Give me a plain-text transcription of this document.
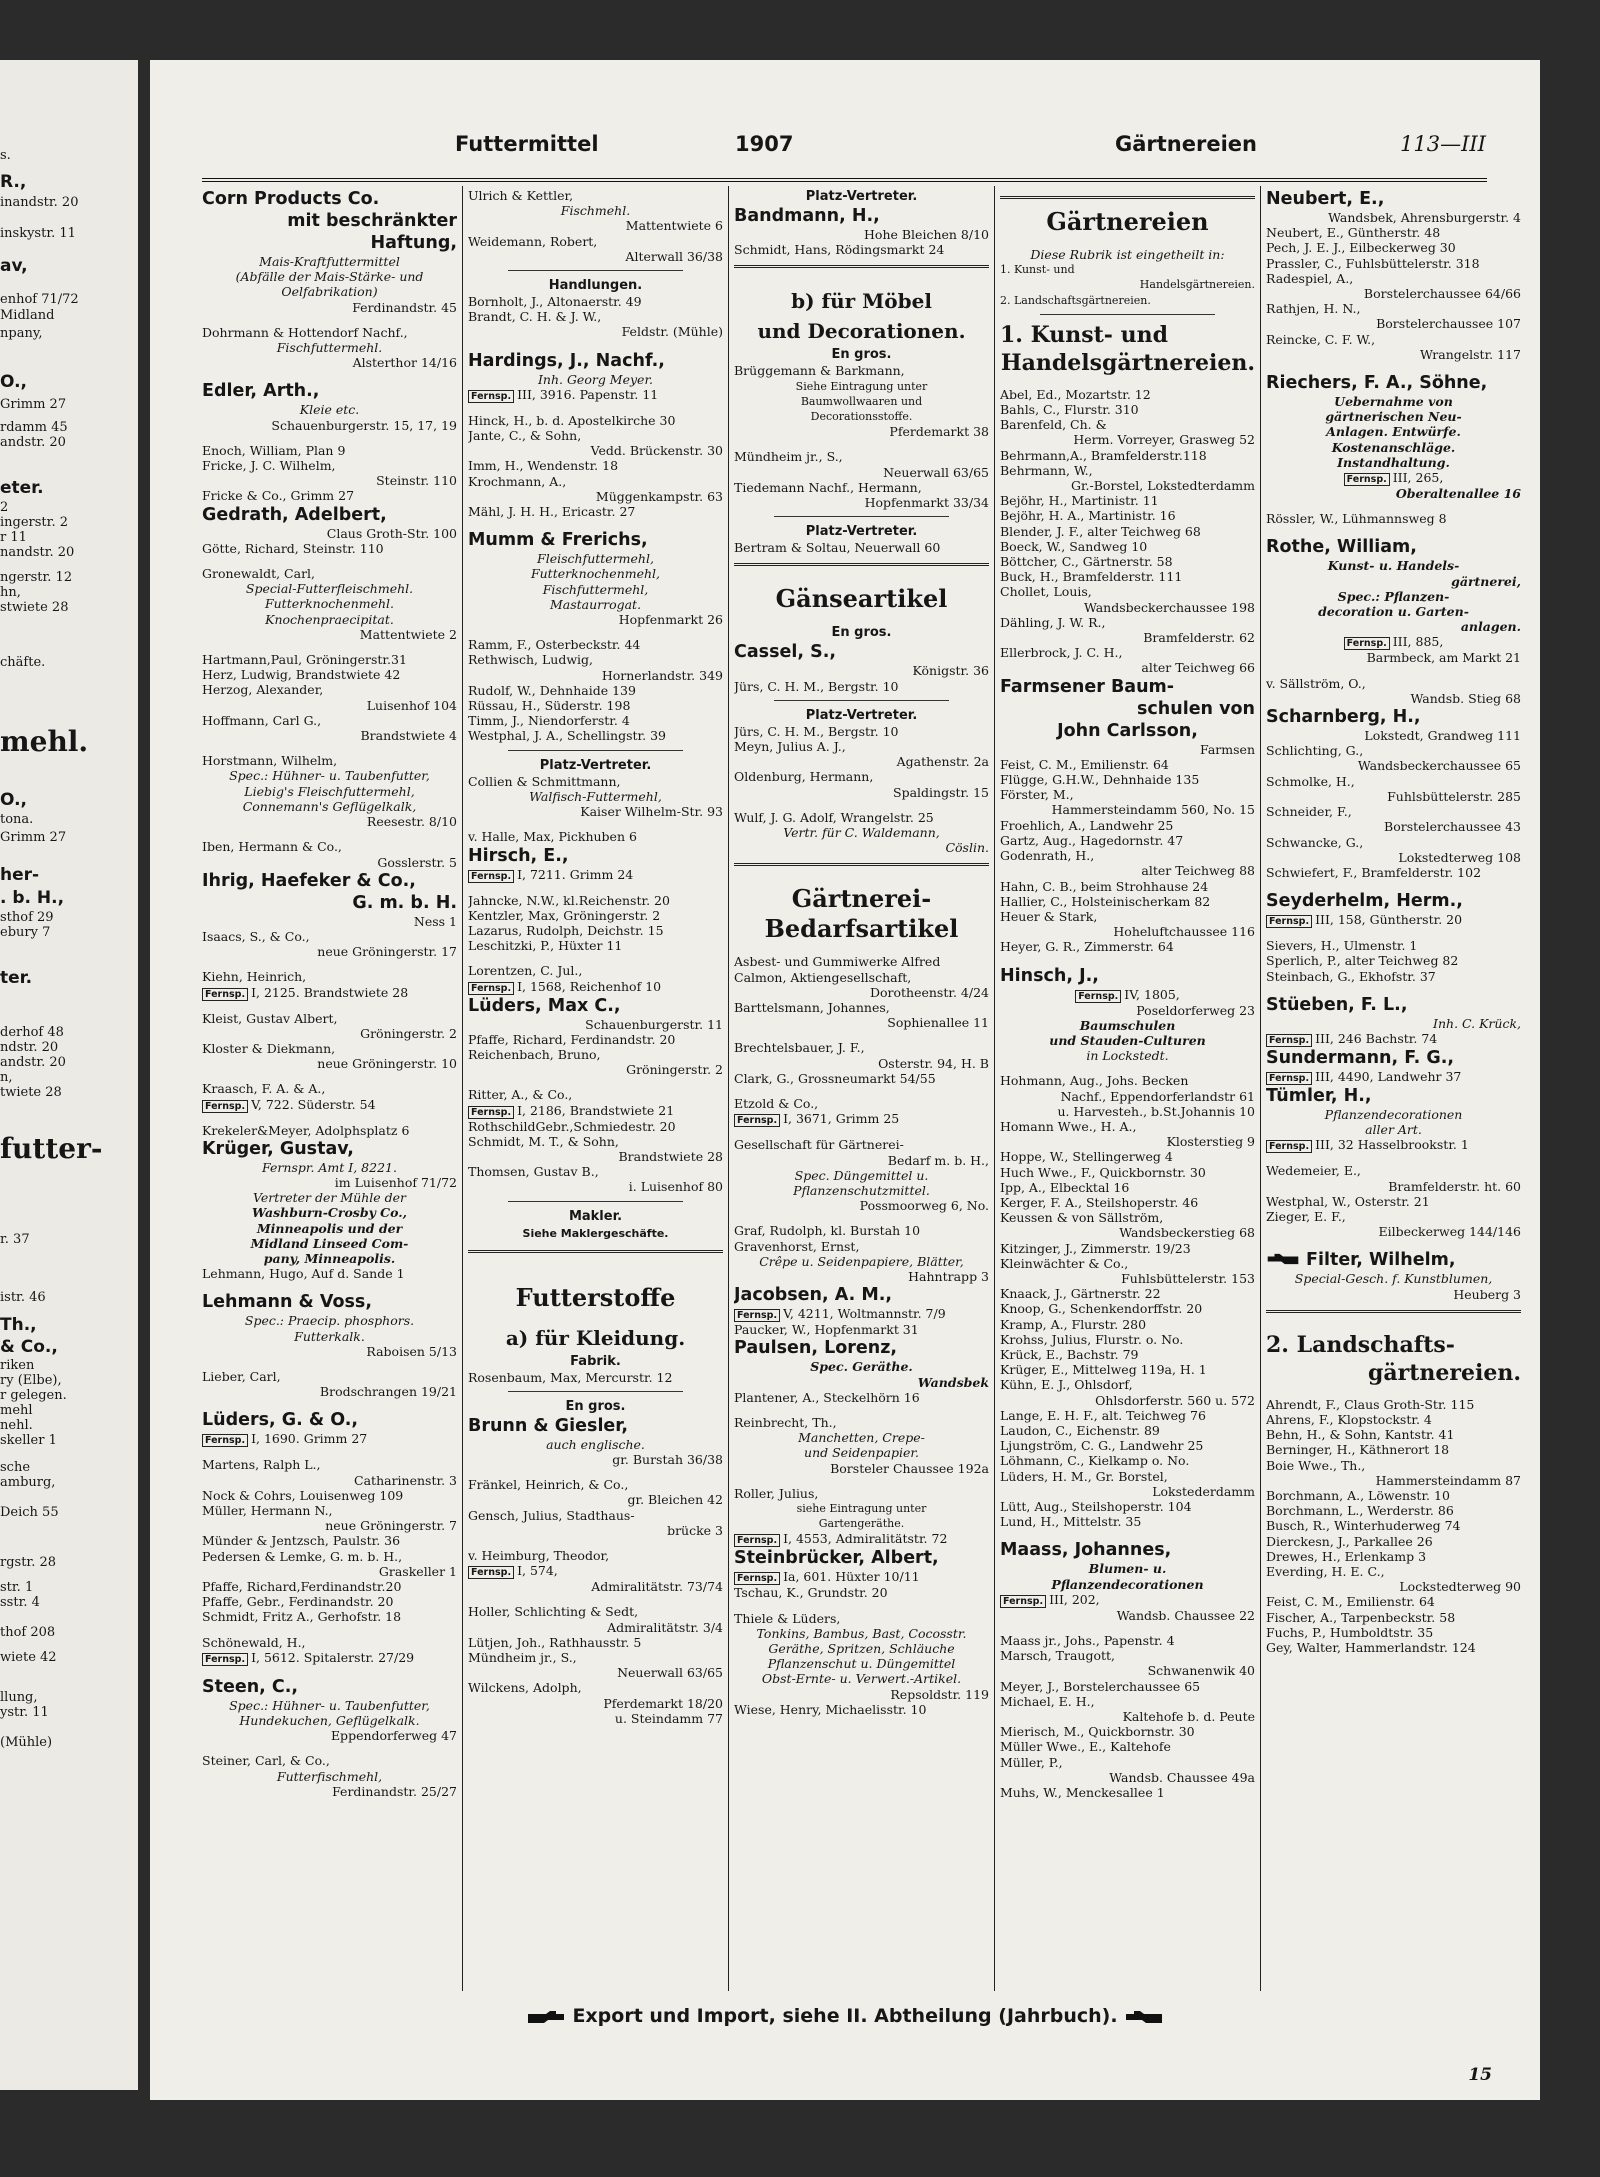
s.
R.,
inandstr. 20
inskystr. 11
av,
enhof 71/72
Midland
npany,
O.,
Grimm 27
rdamm 45
andstr. 20
eter.
2
ingerstr. 2
r 11
nandstr. 20
ngerstr. 12
hn,
stwiete 28
chäfte.
mehl.
O.,
tona.
Grimm 27
her-
. b. H.,
sthof 29
ebury 7
ter.
derhof 48
ndstr. 20
andstr. 20
n,
twiete 28
futter-
r. 37
istr. 46
Th.,
& Co.,
riken
ry (Elbe),
r gelegen.
mehl
nehl.
skeller 1
sche
amburg,
Deich 55
rgstr. 28
str. 1
sstr. 4
thof 208
wiete 42
llung,
ystr. 11
(Mühle)
Futtermittel	1907	Gärtnereien	113—III
Corn Products Co.
mit beschränkter
Haftung,
Mais-Kraftfuttermittel
(Abfälle der Mais-Stärke- und
Oelfabrikation)
Ferdinandstr. 45
Dohrmann & Hottendorf Nachf.,
Fischfuttermehl.
Alsterthor 14/16
Edler, Arth.,
Kleie etc.
Schauenburgerstr. 15, 17, 19
Enoch, William, Plan 9
Fricke, J. C. Wilhelm,
Steinstr. 110
Fricke & Co., Grimm 27
Gedrath, Adelbert,
Claus Groth-Str. 100
Götte, Richard, Steinstr. 110
Gronewaldt, Carl,
Special-Futterfleischmehl.
Futterknochenmehl.
Knochenpraecipitat.
Mattentwiete 2
Hartmann,Paul, Gröningerstr.31
Herz, Ludwig, Brandstwiete 42
Herzog, Alexander,
Luisenhof 104
Hoffmann, Carl G.,
Brandstwiete 4
Horstmann, Wilhelm,
Spec.: Hühner- u. Taubenfutter,
Liebig's Fleischfuttermehl,
Connemann's Geflügelkalk,
Reesestr. 8/10
Iben, Hermann & Co.,
Gosslerstr. 5
Ihrig, Haefeker & Co.,
G. m. b. H.
Ness 1
Isaacs, S., & Co.,
neue Gröningerstr. 17
Kiehn, Heinrich,
Fernsp. I, 2125. Brandstwiete 28
Kleist, Gustav Albert,
Gröningerstr. 2
Kloster & Diekmann,
neue Gröningerstr. 10
Kraasch, F. A. & A.,
Fernsp. V, 722. Süderstr. 54
Krekeler&Meyer, Adolphsplatz 6
Krüger, Gustav,
Fernspr. Amt I, 8221.
im Luisenhof 71/72
Vertreter der Mühle der
Washburn-Crosby Co.,
Minneapolis und der
Midland Linseed Com-
pany, Minneapolis.
Lehmann, Hugo, Auf d. Sande 1
Lehmann & Voss,
Spec.: Praecip. phosphors.
Futterkalk.
Raboisen 5/13
Lieber, Carl,
Brodschrangen 19/21
Lüders, G. & O.,
Fernsp. I, 1690. Grimm 27
Martens, Ralph L.,
Catharinenstr. 3
Nock & Cohrs, Louisenweg 109
Müller, Hermann N.,
neue Gröningerstr. 7
Münder & Jentzsch, Paulstr. 36
Pedersen & Lemke, G. m. b. H.,
Graskeller 1
Pfaffe, Richard,Ferdinandstr.20
Pfaffe, Gebr., Ferdinandstr. 20
Schmidt, Fritz A., Gerhofstr. 18
Schönewald, H.,
Fernsp. I, 5612. Spitalerstr. 27/29
Steen, C.,
Spec.: Hühner- u. Taubenfutter,
Hundekuchen, Geflügelkalk.
Eppendorferweg 47
Steiner, Carl, & Co.,
Futterfischmehl,
Ferdinandstr. 25/27
Ulrich & Kettler,
Fischmehl.
Mattentwiete 6
Weidemann, Robert,
Alterwall 36/38
Handlungen.
Bornholt, J., Altonaerstr. 49
Brandt, C. H. & J. W.,
Feldstr. (Mühle)
Hardings, J., Nachf.,
Inh. Georg Meyer.
Fernsp. III, 3916. Papenstr. 11
Hinck, H., b. d. Apostelkirche 30
Jante, C., & Sohn,
Vedd. Brückenstr. 30
Imm, H., Wendenstr. 18
Krochmann, A.,
Müggenkampstr. 63
Mähl, J. H. H., Ericastr. 27
Mumm & Frerichs,
Fleischfuttermehl,
Futterknochenmehl,
Fischfuttermehl,
Mastaurrogat.
Hopfenmarkt 26
Ramm, F., Osterbeckstr. 44
Rethwisch, Ludwig,
Hornerlandstr. 349
Rudolf, W., Dehnhaide 139
Rüssau, H., Süderstr. 198
Timm, J., Niendorferstr. 4
Westphal, J. A., Schellingstr. 39
Platz-Vertreter.
Collien & Schmittmann,
Walfisch-Futtermehl,
Kaiser Wilhelm-Str. 93
v. Halle, Max, Pickhuben 6
Hirsch, E.,
Fernsp. I, 7211. Grimm 24
Jahncke, N.W., kl.Reichenstr. 20
Kentzler, Max, Gröningerstr. 2
Lazarus, Rudolph, Deichstr. 15
Leschitzki, P., Hüxter 11
Lorentzen, C. Jul.,
Fernsp. I, 1568, Reichenhof 10
Lüders, Max C.,
Schauenburgerstr. 11
Pfaffe, Richard, Ferdinandstr. 20
Reichenbach, Bruno,
Gröningerstr. 2
Ritter, A., & Co.,
Fernsp. I, 2186, Brandstwiete 21
RothschildGebr.,Schmiedestr. 20
Schmidt, M. T., & Sohn,
Brandstwiete 28
Thomsen, Gustav B.,
i. Luisenhof 80
Makler.
Siehe Maklergeschäfte.
Futterstoffe
a) für Kleidung.
Fabrik.
Rosenbaum, Max, Mercurstr. 12
En gros.
Brunn & Giesler,
auch englische.
gr. Burstah 36/38
Fränkel, Heinrich, & Co.,
gr. Bleichen 42
Gensch, Julius, Stadthaus-
brücke 3
v. Heimburg, Theodor,
Fernsp. I, 574,
Admiralitätstr. 73/74
Holler, Schlichting & Sedt,
Admiralitätstr. 3/4
Lütjen, Joh., Rathhausstr. 5
Mündheim jr., S.,
Neuerwall 63/65
Wilckens, Adolph,
Pferdemarkt 18/20
u. Steindamm 77
Platz-Vertreter.
Bandmann, H.,
Hohe Bleichen 8/10
Schmidt, Hans, Rödingsmarkt 24
b) für Möbel
und Decorationen.
En gros.
Brüggemann & Barkmann,
Siehe Eintragung unter
Baumwollwaaren und
Decorationsstoffe.
Pferdemarkt 38
Mündheim jr., S.,
Neuerwall 63/65
Tiedemann Nachf., Hermann,
Hopfenmarkt 33/34
Platz-Vertreter.
Bertram & Soltau, Neuerwall 60
Gänseartikel
En gros.
Cassel, S.,
Königstr. 36
Jürs, C. H. M., Bergstr. 10
Platz-Vertreter.
Jürs, C. H. M., Bergstr. 10
Meyn, Julius A. J.,
Agathenstr. 2a
Oldenburg, Hermann,
Spaldingstr. 15
Wulf, J. G. Adolf, Wrangelstr. 25
Vertr. für C. Waldemann,
Cöslin.
Gärtnerei-
Bedarfsartikel
Asbest- und Gummiwerke Alfred
Calmon, Aktiengesellschaft,
Dorotheenstr. 4/24
Barttelsmann, Johannes,
Sophienallee 11
Brechtelsbauer, J. F.,
Osterstr. 94, H. B
Clark, G., Grossneumarkt 54/55
Etzold & Co.,
Fernsp. I, 3671, Grimm 25
Gesellschaft für Gärtnerei-
Bedarf m. b. H.,
Spec. Düngemittel u.
Pflanzenschutzmittel.
Possmoorweg 6, No.
Graf, Rudolph, kl. Burstah 10
Gravenhorst, Ernst,
Crêpe u. Seidenpapiere, Blätter,
Hahntrapp 3
Jacobsen, A. M.,
Fernsp. V, 4211, Woltmannstr. 7/9
Paucker, W., Hopfenmarkt 31
Paulsen, Lorenz,
Spec. Geräthe.
Wandsbek
Plantener, A., Steckelhörn 16
Reinbrecht, Th.,
Manchetten, Crepe-
und Seidenpapier.
Borsteler Chaussee 192a
Roller, Julius,
siehe Eintragung unter
Gartengeräthe.
Fernsp. I, 4553, Admiralitätstr. 72
Steinbrücker, Albert,
Fernsp. Ia, 601. Hüxter 10/11
Tschau, K., Grundstr. 20
Thiele & Lüders,
Tonkins, Bambus, Bast, Cocosstr.
Geräthe, Spritzen, Schläuche
Pflanzenschut u. Düngemittel
Obst-Ernte- u. Verwert.-Artikel.
Repsoldstr. 119
Wiese, Henry, Michaelisstr. 10
Gärtnereien
Diese Rubrik ist eingetheilt in:
1. Kunst- und
Handelsgärtnereien.
2. Landschaftsgärtnereien.
1. Kunst- und
Handelsgärtnereien.
Abel, Ed., Mozartstr. 12
Bahls, C., Flurstr. 310
Barenfeld, Ch. &
Herm. Vorreyer, Grasweg 52
Behrmann,A., Bramfelderstr.118
Behrmann, W.,
Gr.-Borstel, Lokstedterdamm
Bejöhr, H., Martinistr. 11
Bejöhr, H. A., Martinistr. 16
Blender, J. F., alter Teichweg 68
Boeck, W., Sandweg 10
Böttcher, C., Gärtnerstr. 58
Buck, H., Bramfelderstr. 111
Chollet, Louis,
Wandsbeckerchaussee 198
Dähling, J. W. R.,
Bramfelderstr. 62
Ellerbrock, J. C. H.,
alter Teichweg 66
Farmsener Baum-
schulen von
John Carlsson,
Farmsen
Feist, C. M., Emilienstr. 64
Flügge, G.H.W., Dehnhaide 135
Förster, M.,
Hammersteindamm 560, No. 15
Froehlich, A., Landwehr 25
Gartz, Aug., Hagedornstr. 47
Godenrath, H.,
alter Teichweg 88
Hahn, C. B., beim Strohhause 24
Hallier, C., Holsteinischerkam 82
Heuer & Stark,
Hoheluftchaussee 116
Heyer, G. R., Zimmerstr. 64
Hinsch, J.,
Fernsp. IV, 1805,
Poseldorferweg 23
Baumschulen
und Stauden-Culturen
in Lockstedt.
Hohmann, Aug., Johs. Becken
Nachf., Eppendorferlandstr 61
u. Harvesteh., b.St.Johannis 10
Homann Wwe., H. A.,
Klosterstieg 9
Hoppe, W., Stellingerweg 4
Huch Wwe., F., Quickbornstr. 30
Ipp, A., Elbecktal 16
Kerger, F. A., Steilshoperstr. 46
Keussen & von Sällström,
Wandsbeckerstieg 68
Kitzinger, J., Zimmerstr. 19/23
Kleinwächter & Co.,
Fuhlsbüttelerstr. 153
Knaack, J., Gärtnerstr. 22
Knoop, G., Schenkendorffstr. 20
Kramp, A., Flurstr. 280
Krohss, Julius, Flurstr. o. No.
Krück, E., Bachstr. 79
Krüger, E., Mittelweg 119a, H. 1
Kühn, E. J., Ohlsdorf,
Ohlsdorferstr. 560 u. 572
Lange, E. H. F., alt. Teichweg 76
Laudon, C., Eichenstr. 89
Ljungström, C. G., Landwehr 25
Löhmann, C., Kielkamp o. No.
Lüders, H. M., Gr. Borstel,
Lokstederdamm
Lütt, Aug., Steilshoperstr. 104
Lund, H., Mittelstr. 35
Maass, Johannes,
Blumen- u.
Pflanzendecorationen
Fernsp. III, 202,
Wandsb. Chaussee 22
Maass jr., Johs., Papenstr. 4
Marsch, Traugott,
Schwanenwik 40
Meyer, J., Borstelerchaussee 65
Michael, E. H.,
Kaltehofe b. d. Peute
Mierisch, M., Quickbornstr. 30
Müller Wwe., E., Kaltehofe
Müller, P.,
Wandsb. Chaussee 49a
Muhs, W., Menckesallee 1
Neubert, E.,
Wandsbek, Ahrensburgerstr. 4
Neubert, E., Güntherstr. 48
Pech, J. E. J., Eilbeckerweg 30
Prassler, C., Fuhlsbüttelerstr. 318
Radespiel, A.,
Borstelerchaussee 64/66
Rathjen, H. N.,
Borstelerchaussee 107
Reincke, C. F. W.,
Wrangelstr. 117
Riechers, F. A., Söhne,
Uebernahme von
gärtnerischen Neu-
Anlagen. Entwürfe.
Kostenanschläge.
Instandhaltung.
Fernsp. III, 265,
Oberaltenallee 16
Rössler, W., Lühmannsweg 8
Rothe, William,
Kunst- u. Handels-
gärtnerei,
Spec.: Pflanzen-
decoration u. Garten-
anlagen.
Fernsp. III, 885,
Barmbeck, am Markt 21
v. Sällström, O.,
Wandsb. Stieg 68
Scharnberg, H.,
Lokstedt, Grandweg 111
Schlichting, G.,
Wandsbeckerchaussee 65
Schmolke, H.,
Fuhlsbüttelerstr. 285
Schneider, F.,
Borstelerchaussee 43
Schwancke, G.,
Lokstedterweg 108
Schwiefert, F., Bramfelderstr. 102
Seyderhelm, Herm.,
Fernsp. III, 158, Güntherstr. 20
Sievers, H., Ulmenstr. 1
Sperlich, P., alter Teichweg 82
Steinbach, G., Ekhofstr. 37
Stüeben, F. L.,
Inh. C. Krück,
Fernsp. III, 246 Bachstr. 74
Sundermann, F. G.,
Fernsp. III, 4490, Landwehr 37
Tümler, H.,
Pflanzendecorationen
aller Art.
Fernsp. III, 32 Hasselbrookstr. 1
Wedemeier, E.,
Bramfelderstr. ht. 60
Westphal, W., Osterstr. 21
Zieger, E. F.,
Eilbeckerweg 144/146
Filter, Wilhelm,
Special-Gesch. f. Kunstblumen,
Heuberg 3
2. Landschafts-
gärtnereien.
Ahrendt, F., Claus Groth-Str. 115
Ahrens, F., Klopstockstr. 4
Behn, H., & Sohn, Kantstr. 41
Berninger, H., Käthnerort 18
Boie Wwe., Th.,
Hammersteindamm 87
Borchmann, A., Löwenstr. 10
Borchmann, L., Werderstr. 86
Busch, R., Winterhuderweg 74
Dierckesn, J., Parkallee 26
Drewes, H., Erlenkamp 3
Everding, H. E. C.,
Lockstedterweg 90
Feist, C. M., Emilienstr. 64
Fischer, A., Tarpenbeckstr. 58
Fuchs, P., Humboldtstr. 35
Gey, Walter, Hammerlandstr. 124
Export und Import, siehe II. Abtheilung (Jahrbuch).
15
